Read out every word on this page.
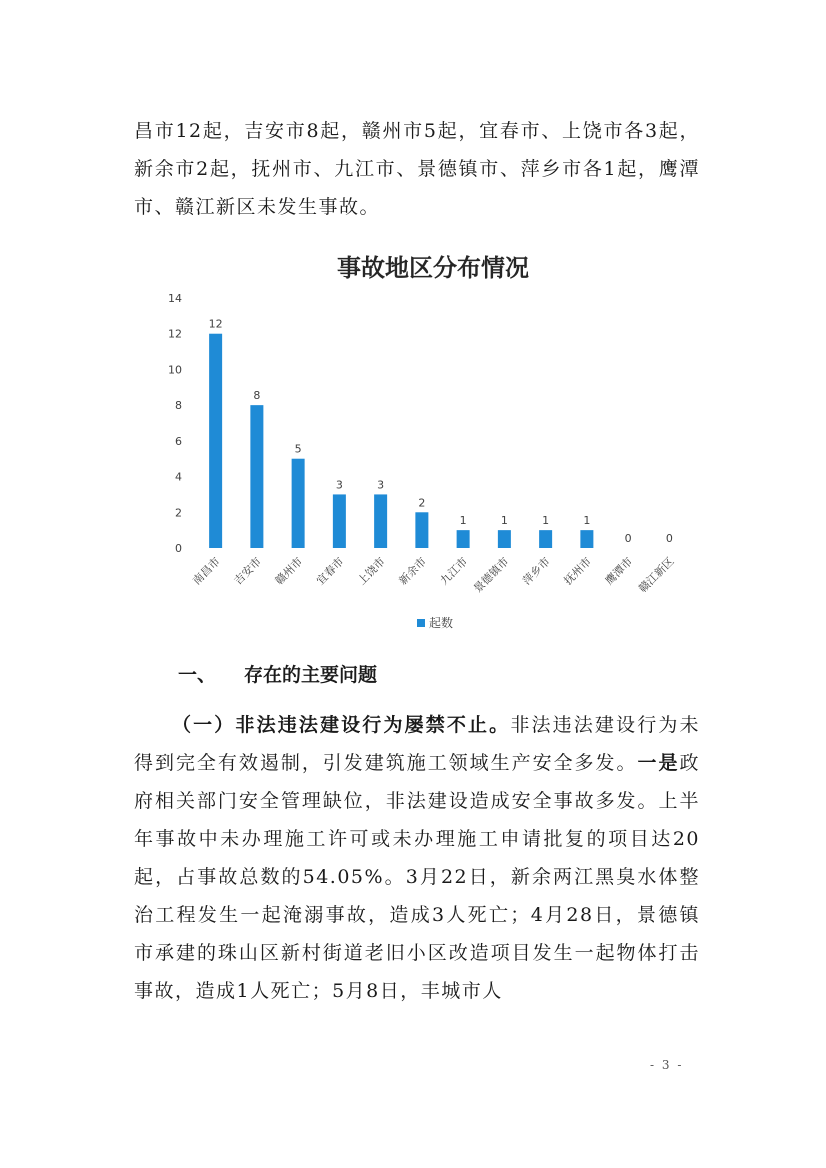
昌市12起，吉安市8起，赣州市5起，宜春市、上饶市各3起，新余市2起，抚州市、九江市、景德镇市、萍乡市各1起，鹰潭市、赣江新区未发生事故。

事故地区分布情况
0
2
4
6
8
10
12
14
12
8
5
3	3
2
1	1	1	1
0	0
南昌市 吉安市 赣州市 宜春市 上饶市 新余市 九江市 景德镇市 萍乡市 抚州市 鹰潭市 赣江新区
起数
一、 存在的主要问题

（一）非法违法建设行为屡禁不止。非法违法建设行为未得到完全有效遏制，引发建筑施工领域生产安全多发。一是政府相关部门安全管理缺位，非法建设造成安全事故多发。上半年事故中未办理施工许可或未办理施工申请批复的项目达20起，占事故总数的54.05%。3月22日，新余两江黑臭水体整治工程发生一起淹溺事故，造成3人死亡；4月28日，景德镇市承建的珠山区新村街道老旧小区改造项目发生一起物体打击事故，造成1人死亡；5月8日，丰城市人

- 3 -
